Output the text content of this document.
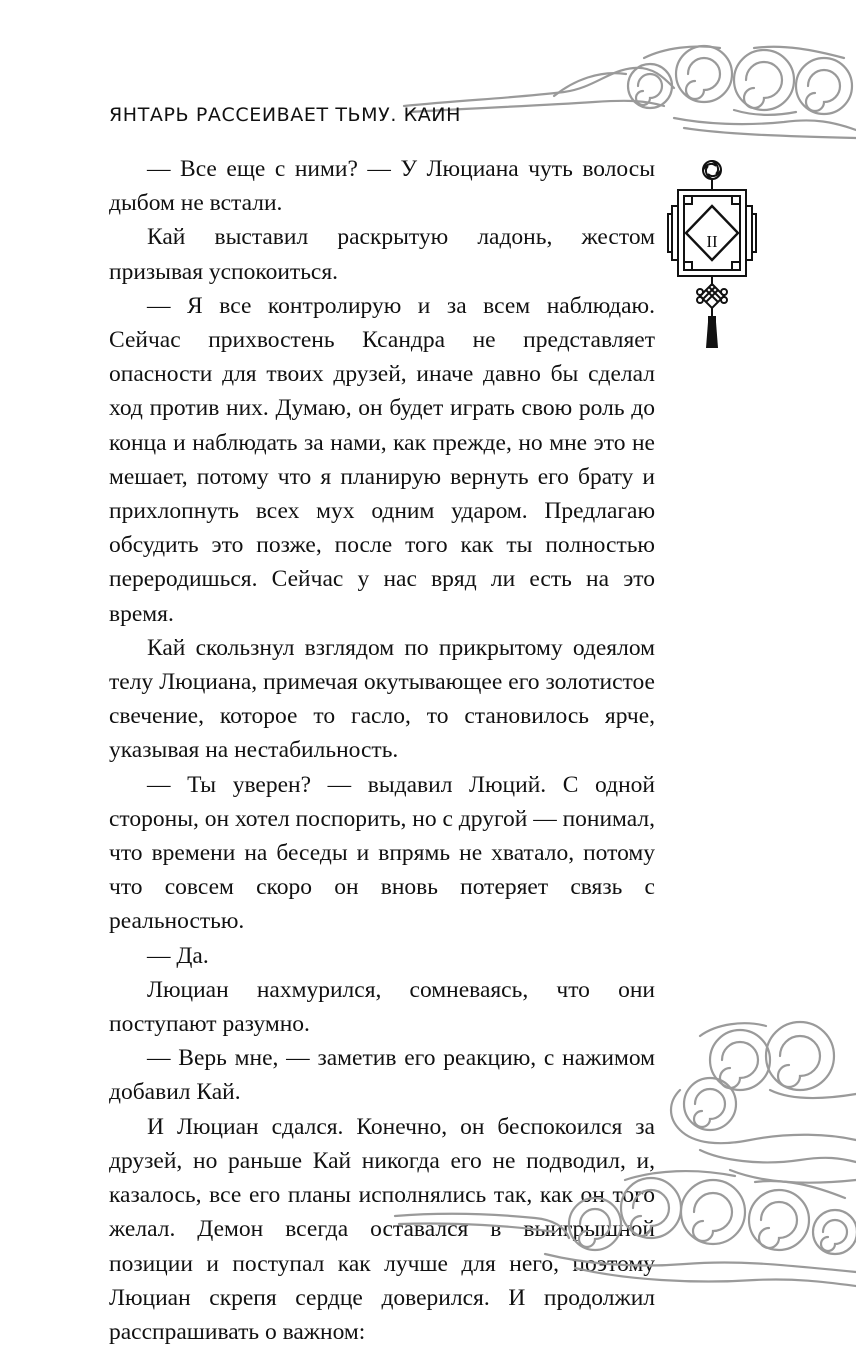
ЯНТАРЬ РАССЕИВАЕТ ТЬМУ. КАИН
II

— Все еще с ними? — У Люциана чуть волосы дыбом не встали.

Кай выставил раскрытую ладонь, жестом призывая успокоиться.

— Я все контролирую и за всем наблюдаю. Сейчас прихвостень Ксандра не представляет опасности для твоих друзей, иначе давно бы сделал ход против них. Думаю, он будет играть свою роль до конца и наблюдать за нами, как прежде, но мне это не мешает, потому что я планирую вернуть его брату и прихлопнуть всех мух одним ударом. Предлагаю обсудить это позже, после того как ты полностью переродишься. Сейчас у нас вряд ли есть на это время.

Кай скользнул взглядом по прикрытому одеялом телу Люциана, примечая окутывающее его золотистое свечение, которое то гасло, то становилось ярче, указывая на нестабильность.

— Ты уверен? — выдавил Люций. С одной стороны, он хотел поспорить, но с другой — понимал, что времени на беседы и впрямь не хватало, потому что совсем скоро он вновь потеряет связь с реальностью.

— Да.

Люциан нахмурился, сомневаясь, что они поступают разумно.

— Верь мне, — заметив его реакцию, с нажимом добавил Кай.

И Люциан сдался. Конечно, он беспокоился за друзей, но раньше Кай никогда его не подводил, и, казалось, все его планы исполнялись так, как он того желал. Демон всегда оставался в выигрышной позиции и поступал как лучше для него, поэтому Люциан скрепя сердце доверился. И продолжил расспрашивать о важном:
